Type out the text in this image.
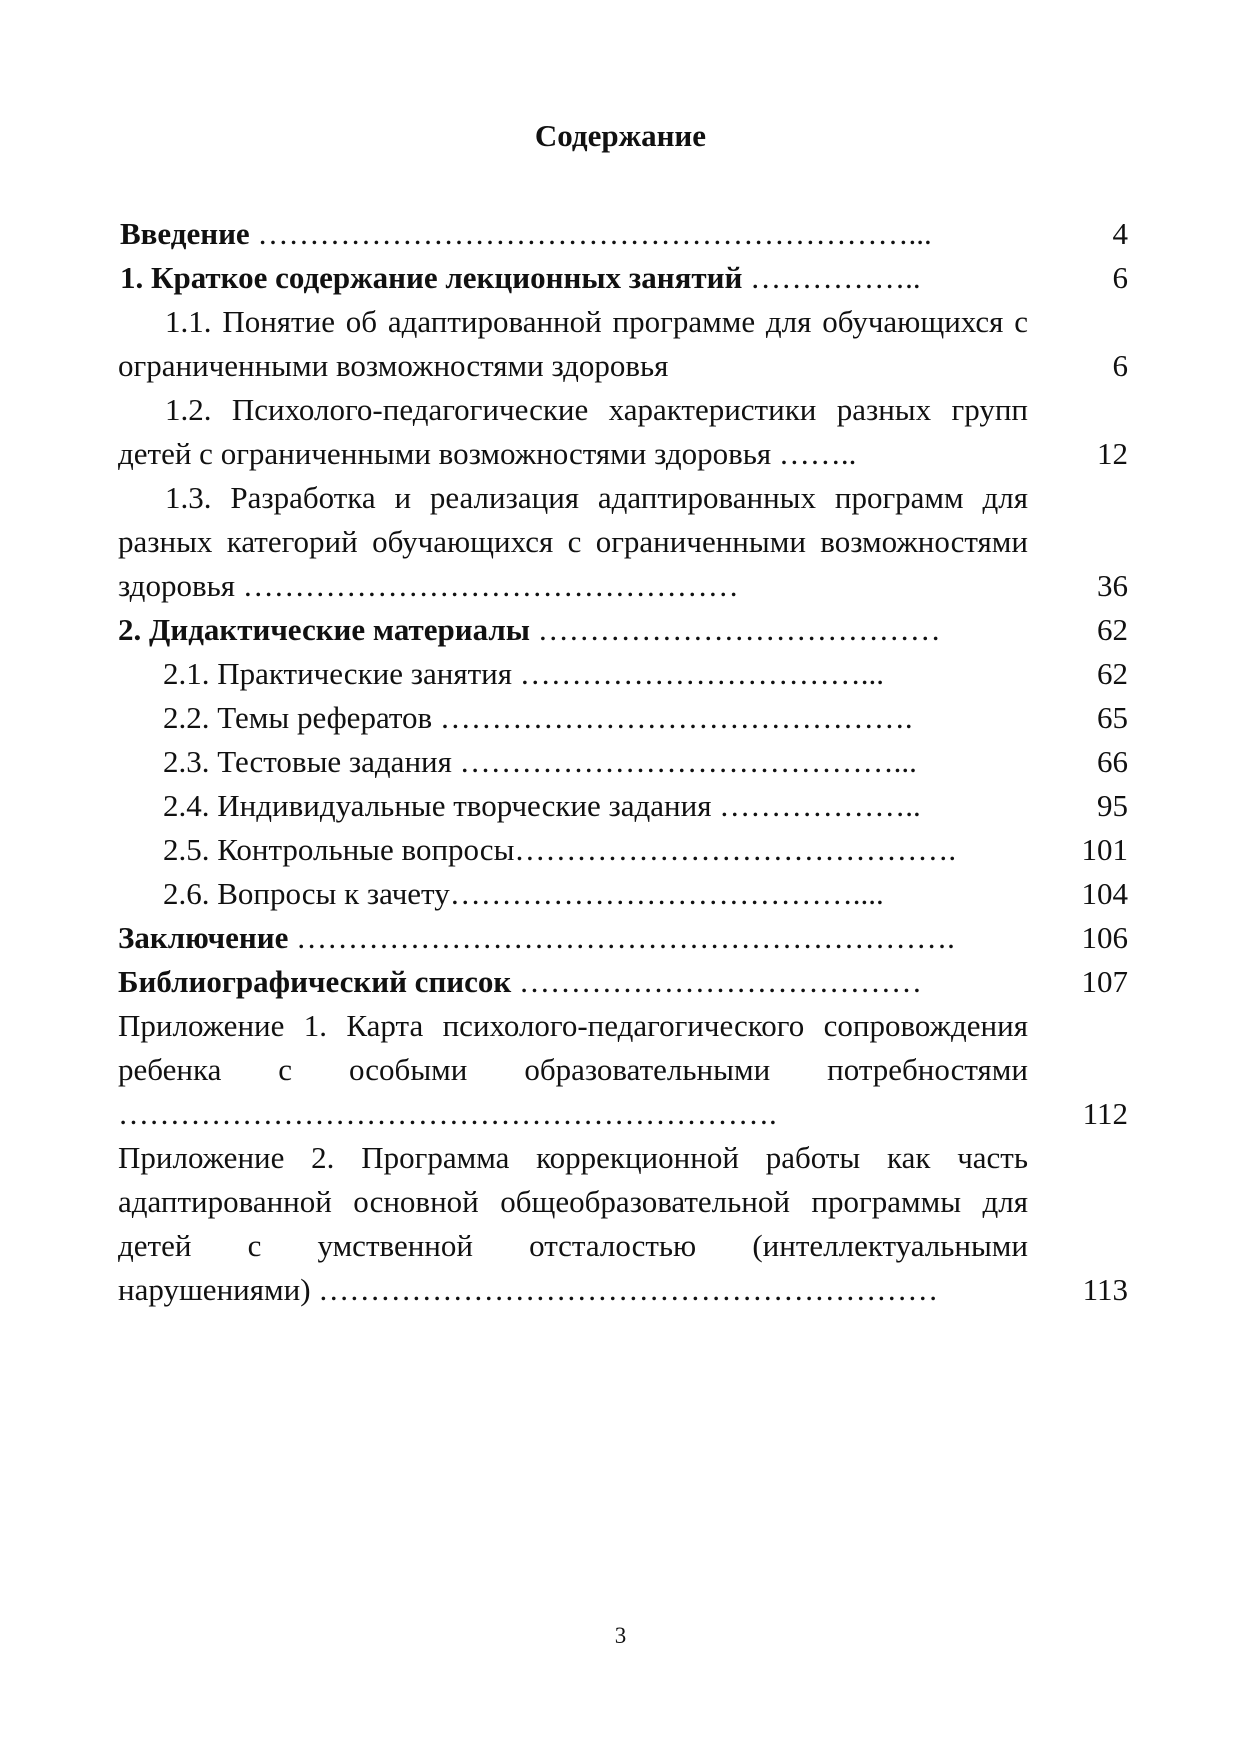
Содержание
Введение ………………………………………………………...	4
1. Краткое содержание лекционных занятий ……………..	6
1.1. Понятие об адаптированной программе для обучающихся с ограниченными возможностями здоровья	6
1.2. Психолого-педагогические характеристики разных групп детей с ограниченными возможностями здоровья ……..	12
1.3. Разработка и реализация адаптированных программ для разных категорий обучающихся с ограниченными возможностями здоровья …………………………………………	36
2. Дидактические материалы …………………………………	62
2.1. Практические занятия ……………………………...	62
2.2. Темы рефератов ……………………………………….	65
2.3. Тестовые задания ……………………………………...	66
2.4. Индивидуальные творческие задания ………………..	95
2.5. Контрольные вопросы…………………………………….	101
2.6. Вопросы к зачету…………………………………....	104
Заключение ……………………………………………………….	106
Библиографический список …………………………………	107
Приложение 1. Карта психолого-педагогического сопровождения ребенка с особыми образовательными потребностями ……………………………………………………….	112
Приложение 2. Программа коррекционной работы как часть адаптированной основной общеобразовательной программы для детей с умственной отсталостью (интеллектуальными нарушениями) ……………………………………………………	113

3
